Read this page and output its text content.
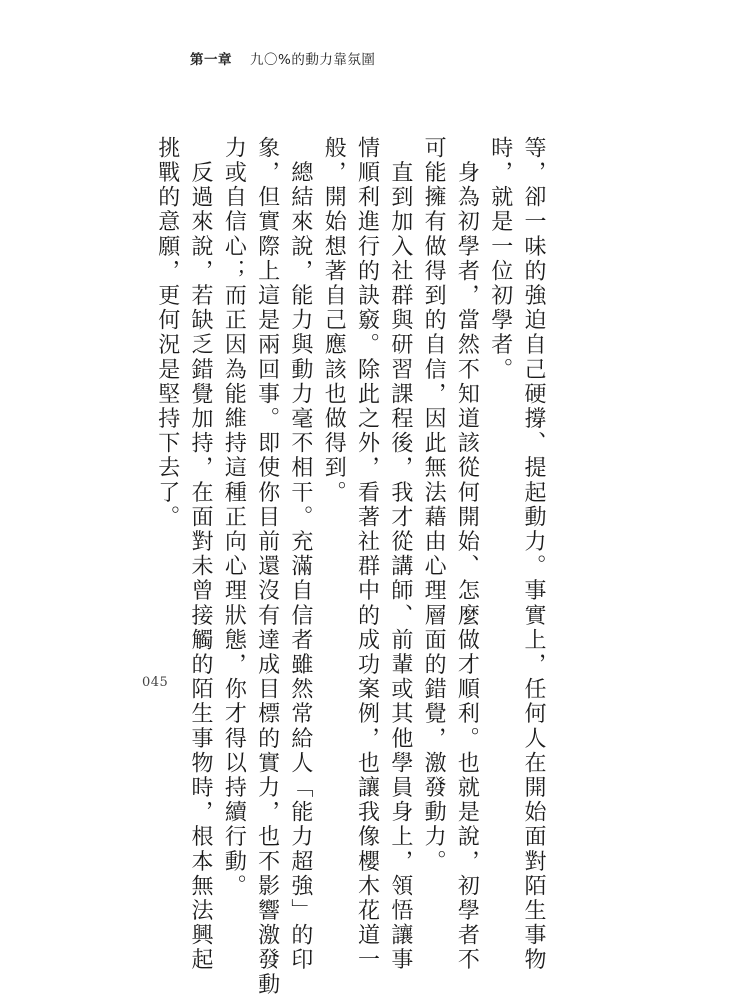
第一章 九〇%的動力靠氛圍

等，卻一味的強迫自己硬撐、提起動力。事實上，任何人在開始面對陌生事物

時，就是一位初學者。

　身為初學者，當然不知道該從何開始、怎麼做才順利。也就是說，初學者不

可能擁有做得到的自信，因此無法藉由心理層面的錯覺，激發動力。

　直到加入社群與研習課程後，我才從講師、前輩或其他學員身上，領悟讓事

情順利進行的訣竅。除此之外，看著社群中的成功案例，也讓我像櫻木花道一

般，開始想著自己應該也做得到。

　總結來說，能力與動力毫不相干。充滿自信者雖然常給人「能力超強」的印

象，但實際上這是兩回事。即使你目前還沒有達成目標的實力，也不影響激發動

力或自信心；而正因為能維持這種正向心理狀態，你才得以持續行動。

　反過來說，若缺乏錯覺加持，在面對未曾接觸的陌生事物時，根本無法興起

挑戰的意願，更何況是堅持下去了。

045
